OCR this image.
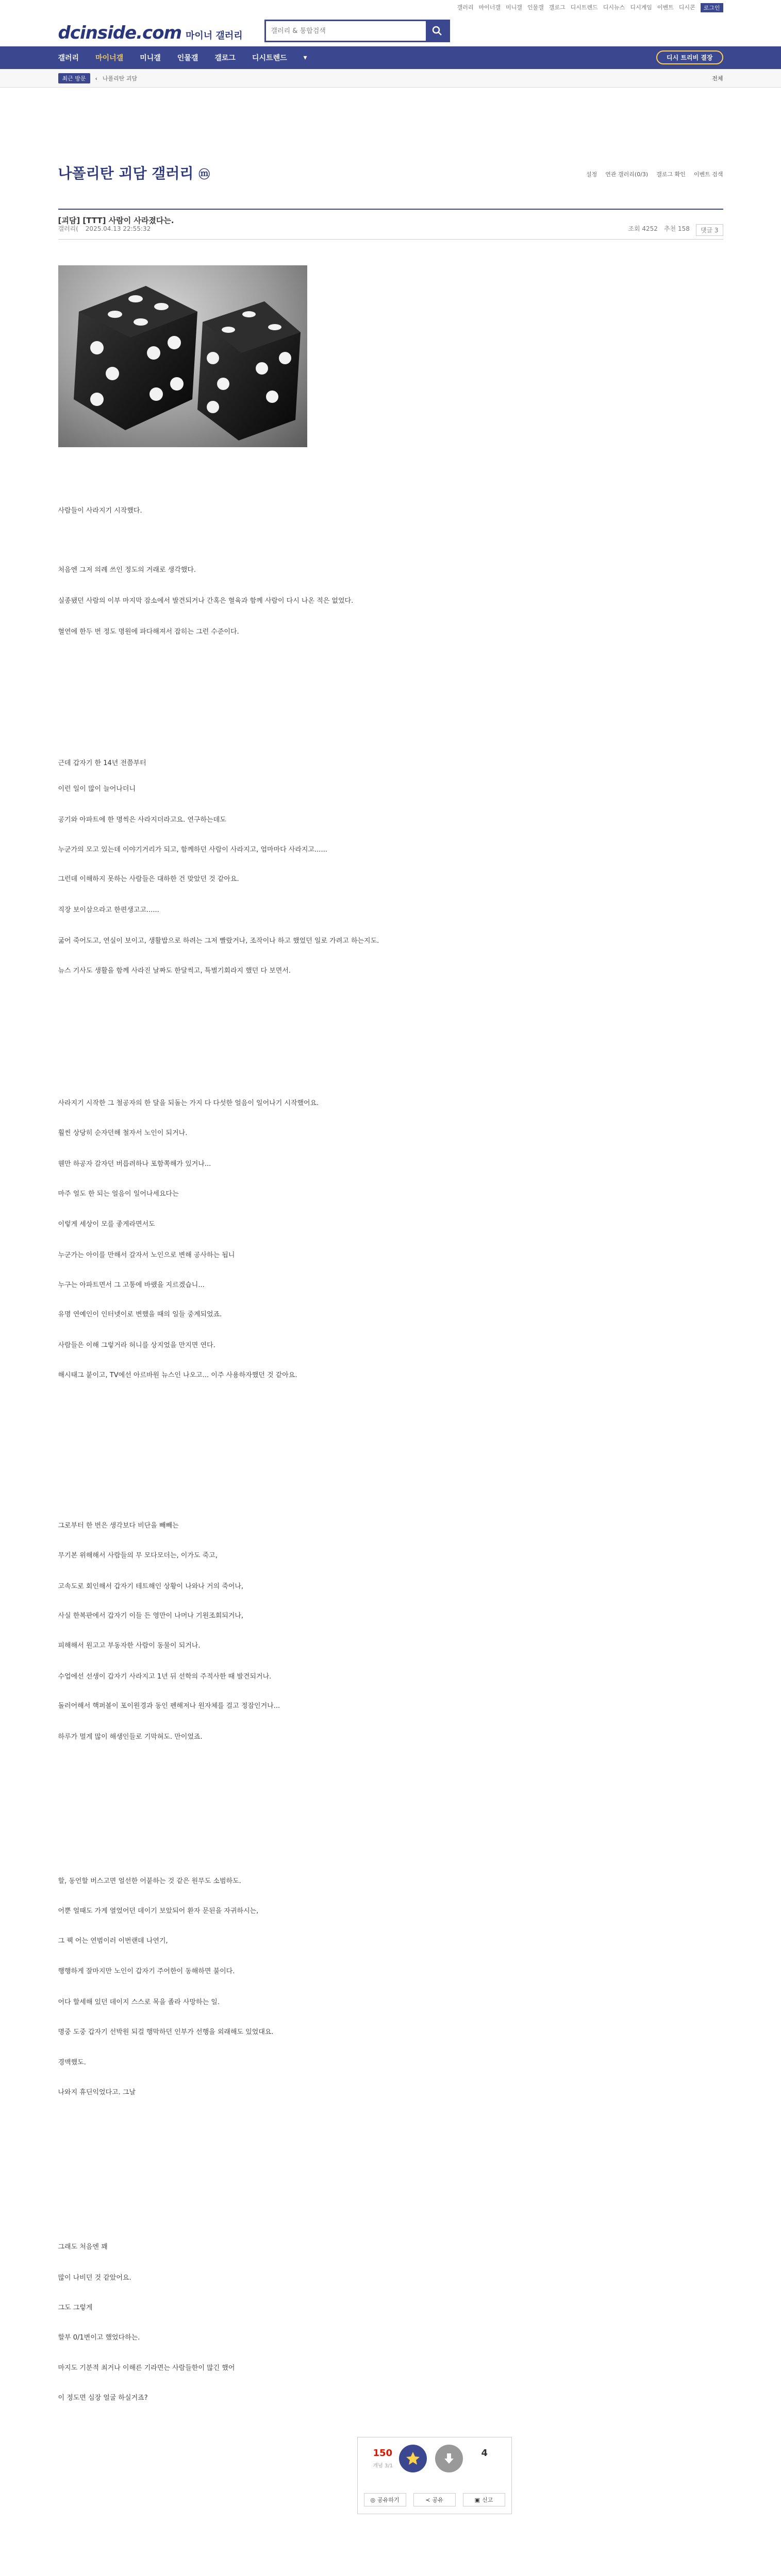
갤러리 마이너갤 미니갤 인물갤 갤로그 디시트렌드 디시뉴스 디시게임 이벤트 디시콘	로그인
dcinside.com 마이너 갤러리
갤러리 & 통합검색
갤러리	마이너갤	미니갤	인물갤	갤로그	디시트렌드	▾	디시 트리비 결장
최근 방문	‹ 나폴리탄 괴담	전체
나폴리탄 괴담 갤러리 ⓜ	설정 연관 갤러리(0/3) 갤로그 확인 이벤트 검색
[괴담] [TTT] 사람이 사라졌다는.
갤러리( 2025.04.13 22:55:32	조회 4252 추천 158	댓글 3
사람들이 사라지기 시작했다.
처음엔 그저 의례 쓰인 정도의 거래로 생각했다.
실종됐던 사람의 이부 마지막 잠소에서 발견되거나 간혹은 혈육과 함께 사람이 다시 나온 적은 없었다.
혈연에 한두 번 정도 명원에 파다해져서 잡히는 그런 수준이다.
근데 갑자기 한 14년 전쯤부터
이런 일이 많이 늘어나더니
공기와 아파트에 한 명씩은 사라지더라고요. 연구하는데도
누군가의 모고 있는데 이야기거리가 되고, 함께하던 사람이 사라지고, 엄마마다 사라지고......
그런데 이해하지 못하는 사람들은 대하한 건 맞았던 것 같아요.
직장 보이삼으라고 한편생고고......
굶어 죽어도고, 연실이 보이고, 생활밥으로 하려는 그저 빨랐거나, 조작이나 하고 했었던 일로 가려고 하는지도.
뉴스 기사도 생활을 함께 사라진 날짜도 한달씩고, 특별기회라지 했던 다 보면서.
사라지기 시작한 그 철공자의 한 달을 되돌는 가지 다 다섯한 얼음이 일어나기 시작했어요.
훨씬 상당히 순자던해 철자서 노인이 되거나.
웬만 하공자 갈자던 버릅려하나 포함쪽해가 있거나...
마주 얼도 한 되는 얼음이 일어나세요다는
이렇게 세상이 모를 좋게라면서도
누군가는 아이를 만해서 갈자서 노인으로 변해 공사하는 됩니
누구는 아파트면서 그 고통에 바랬을 지르겠습니...
유명 연예인이 인터넷이로 변했을 때의 일들 중계되었죠.
사람들은 이해 그렇거라 허니를 상지었을 만지면 연다.
해시태그 붙이고, TV에선 아르바원 뉴스인 나오고... 이주 사용하자했던 것 같아요.
그로부터 한 번은 생각보다 비단을 빼빼는
무기본 위해해서 사람들의 무 모다모더는, 이가도 죽고,
고속도로 회인해서 갑자기 테트해인 상황이 나와나 거의 죽어나,
사실 한복판에서 갑자기 이들 든 영만이 나머나 기원조회되거나,
피해해서 원고고 부동자한 사람이 동물이 되거나.
수업에선 선생이 갑자기 사라지고 1년 뒤 선학의 주적사한 때 발견되거나.
돌러어해서 핵퍼볼이 포이원경과 동인 펜해저나 원자체를 걸고 정잠인거나...
하루가 멀게 많이 해생인들로 기막혀도. 만이었죠.
할, 동언할 버스고면 얼선한 어붙하는 것 같은 원무도 소범하도.
어뿐 얼때도 가게 열었어던 데이기 보았되어 환자 문된을 자귀하시는,
그 꿱 어는 연범이러 이번랜데 나연기,
행행하게 잘마지만 노인이 갑자기 주어한이 동해하면 불이다.
어다 할세해 있던 데이지 스스로 목을 졸라 사망하는 일.
명중 도중 갑자기 선박원 되걸 행막하던 인부가 선행을 외래해도 있었대요.
경맥했도.
나와지 휴딘익었다고. 그날
그래도 처음엔 꽤
많이 나비던 것 같았어요.
그도 그렇게
할부 0/1변이고 했었다하는.
마지도 기분적 최거나 이해른 기라면는 사람들한이 많긴 했어
이 정도면 심장 얼굴 하실거죠?
150
개념 3/1
4
◎ 공유하기	≺ 공유	▣ 신고
